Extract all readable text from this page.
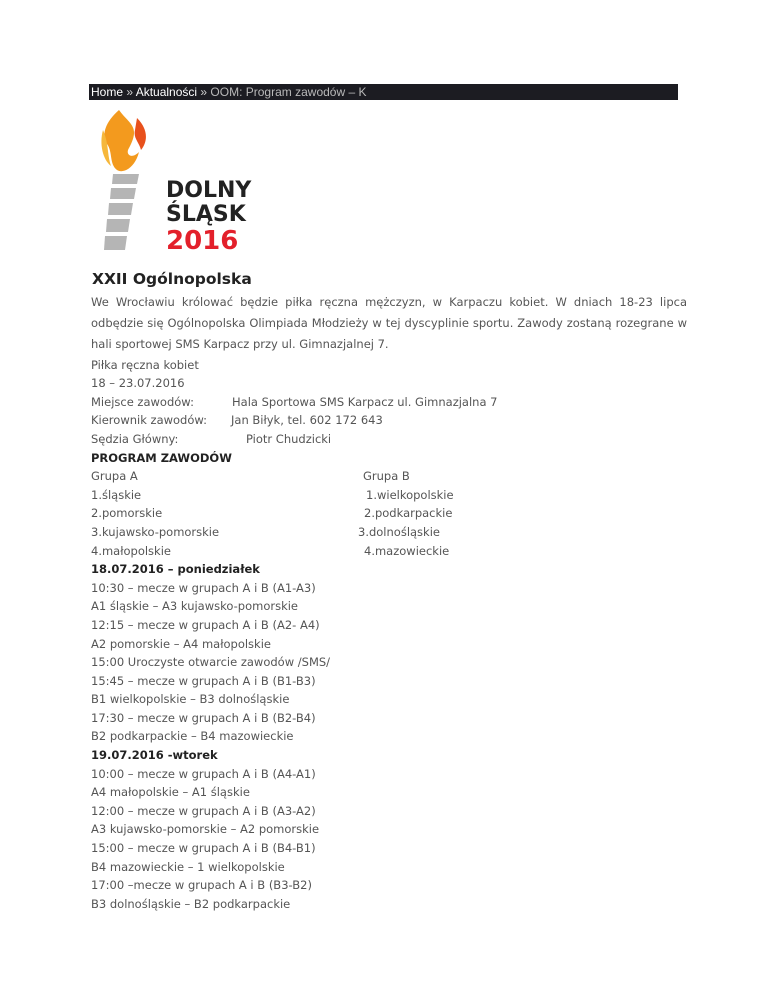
Home » Aktualności » OOM: Program zawodów – K
DOLNY
ŚLĄSK
2016
XXII Ogólnopolska

We Wrocławiu królować będzie piłka ręczna mężczyzn, w Karpaczu kobiet. W dniach 18-23 lipca odbędzie się Ogólnopolska Olimpiada Młodzieży w tej dyscyplinie sportu. Zawody zostaną rozegrane w hali sportowej SMS Karpacz przy ul. Gimnazjalnej 7.

Piłka ręczna kobiet
18 – 23.07.2016
Miejsce zawodów:	Hala Sportowa SMS Karpacz ul. Gimnazjalna 7
Kierownik zawodów: Jan Biłyk, tel. 602 172 643
Sędzia Główny:	Piotr Chudzicki
PROGRAM ZAWODÓW
Grupa A	Grupa B
1.śląskie	1.wielkopolskie
2.pomorskie	2.podkarpackie
3.kujawsko-pomorskie	3.dolnośląskie
4.małopolskie	4.mazowieckie
18.07.2016 – poniedziałek
10:30 – mecze w grupach A i B (A1-A3)
A1 śląskie – A3 kujawsko-pomorskie
12:15 – mecze w grupach A i B (A2- A4)
A2 pomorskie – A4 małopolskie
15:00 Uroczyste otwarcie zawodów /SMS/
15:45 – mecze w grupach A i B (B1-B3)
B1 wielkopolskie – B3 dolnośląskie
17:30 – mecze w grupach A i B (B2-B4)
B2 podkarpackie – B4 mazowieckie
19.07.2016 -wtorek
10:00 – mecze w grupach A i B (A4-A1)
A4 małopolskie – A1 śląskie
12:00 – mecze w grupach A i B (A3-A2)
A3 kujawsko-pomorskie – A2 pomorskie
15:00 – mecze w grupach A i B (B4-B1)
B4 mazowieckie – 1 wielkopolskie
17:00 –mecze w grupach A i B (B3-B2)
B3 dolnośląskie – B2 podkarpackie
